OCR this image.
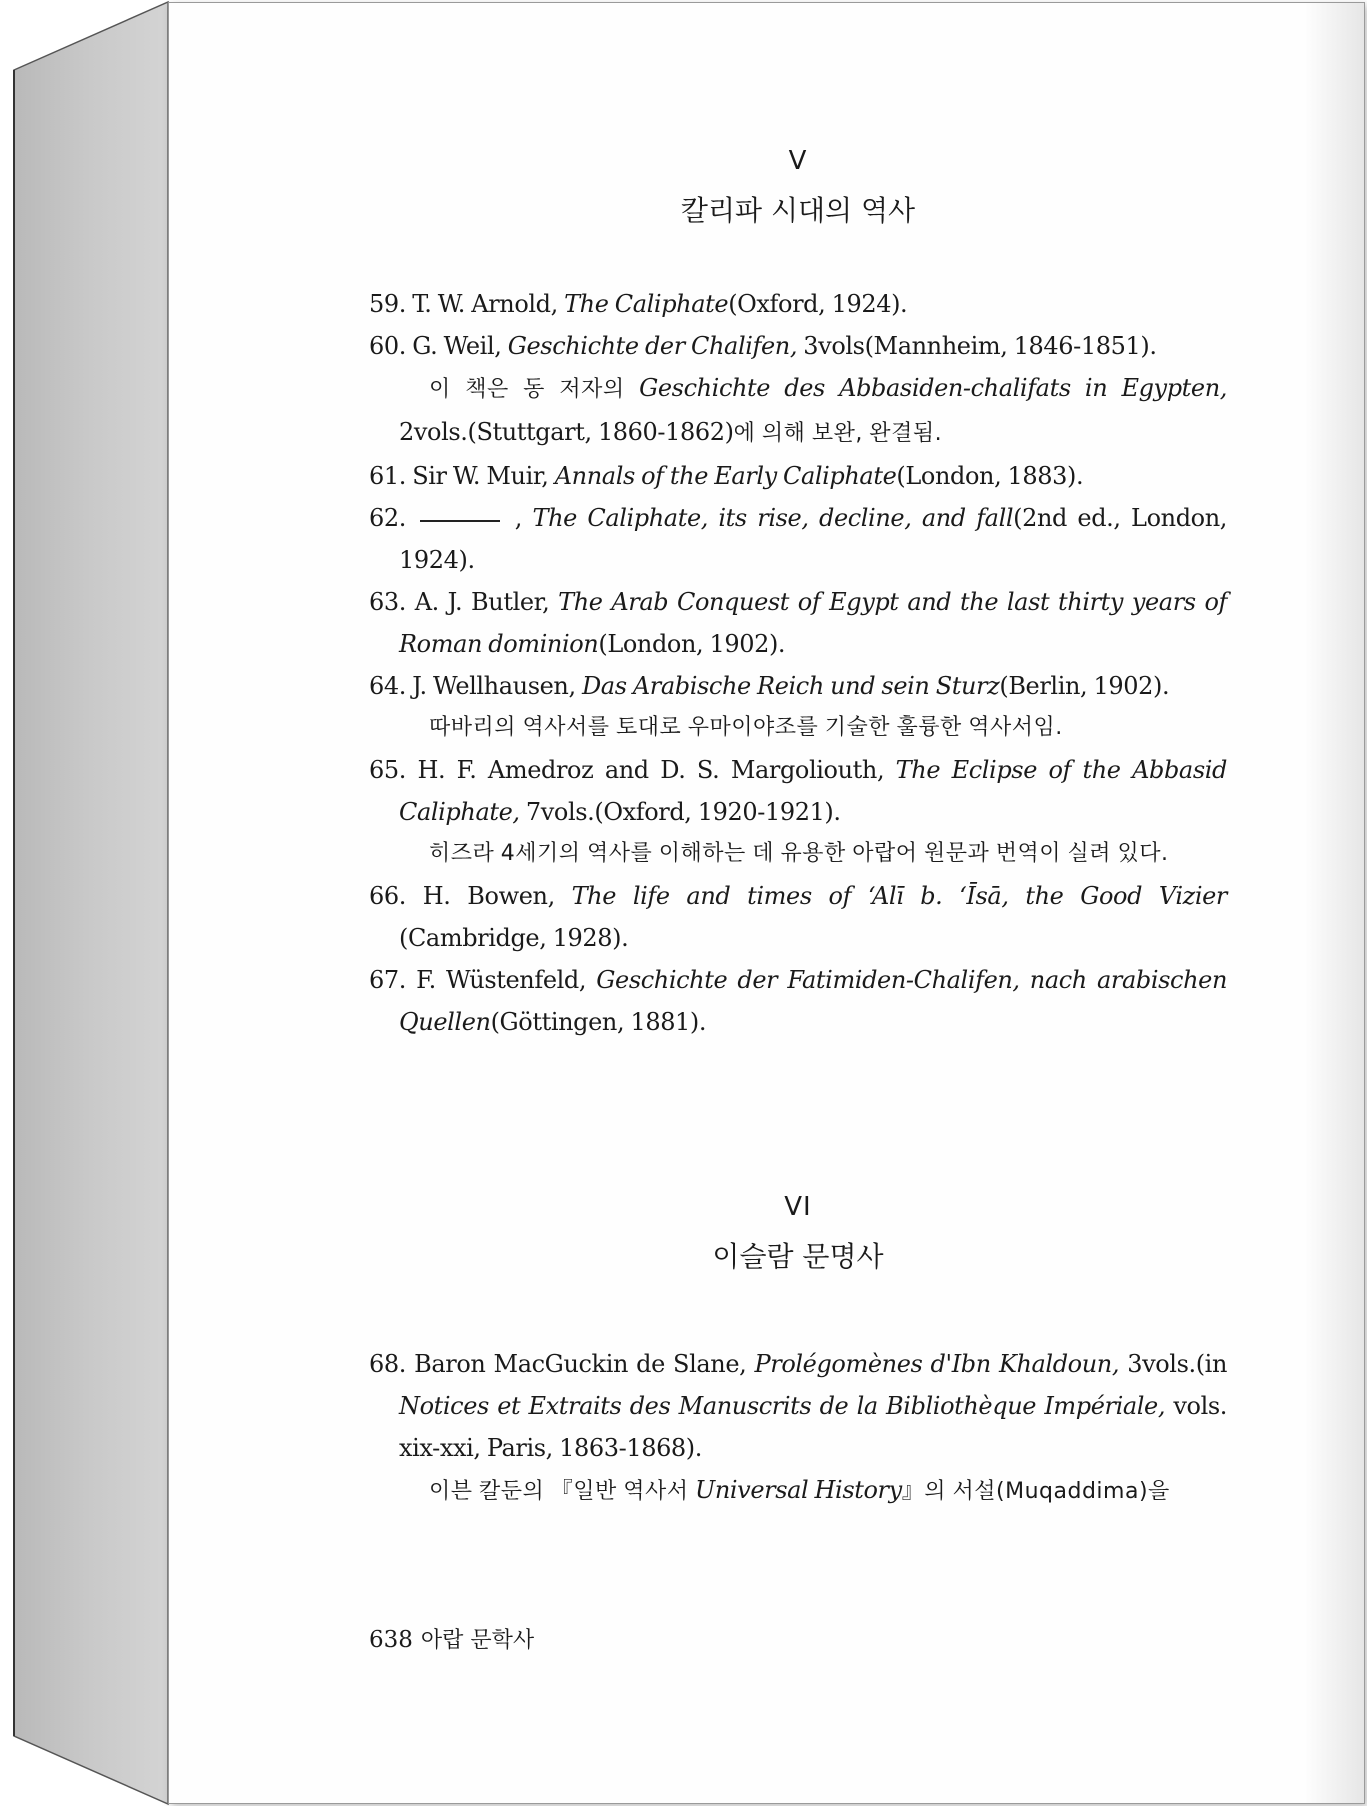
V
칼리파 시대의 역사
59. T. W. Arnold, The Caliphate(Oxford, 1924).
60. G. Weil, Geschichte der Chalifen, 3vols(Mannheim, 1846-1851).
이 책은 동 저자의 Geschichte des Abbasiden-chalifats in Egypten, 2vols.(Stuttgart, 1860-1862)에 의해 보완, 완결됨.
61. Sir W. Muir, Annals of the Early Caliphate(London, 1883).
62.	, The Caliphate, its rise, decline, and fall(2nd ed., London, 1924).
63. A. J. Butler, The Arab Conquest of Egypt and the last thirty years of Roman dominion(London, 1902).
64. J. Wellhausen, Das Arabische Reich und sein Sturz(Berlin, 1902).
따바리의 역사서를 토대로 우마이야조를 기술한 훌륭한 역사서임.
65. H. F. Amedroz and D. S. Margoliouth, The Eclipse of the Abbasid Caliphate, 7vols.(Oxford, 1920-1921).
히즈라 4세기의 역사를 이해하는 데 유용한 아랍어 원문과 번역이 실려 있다.
66. H. Bowen, The life and times of ‘Alī b. ‘Īsā, the Good Vizier (Cambridge, 1928).
67. F. Wüstenfeld, Geschichte der Fatimiden-Chalifen, nach arabischen Quellen(Göttingen, 1881).
VI
이슬람 문명사
68. Baron MacGuckin de Slane, Prolégomènes d'Ibn Khaldoun, 3vols.(in Notices et Extraits des Manuscrits de la Bibliothèque Impériale, vols. xix-xxi, Paris, 1863-1868).
이븐 칼둔의 『일반 역사서 Universal History』의 서설(Muqaddima)을
638 아랍 문학사
